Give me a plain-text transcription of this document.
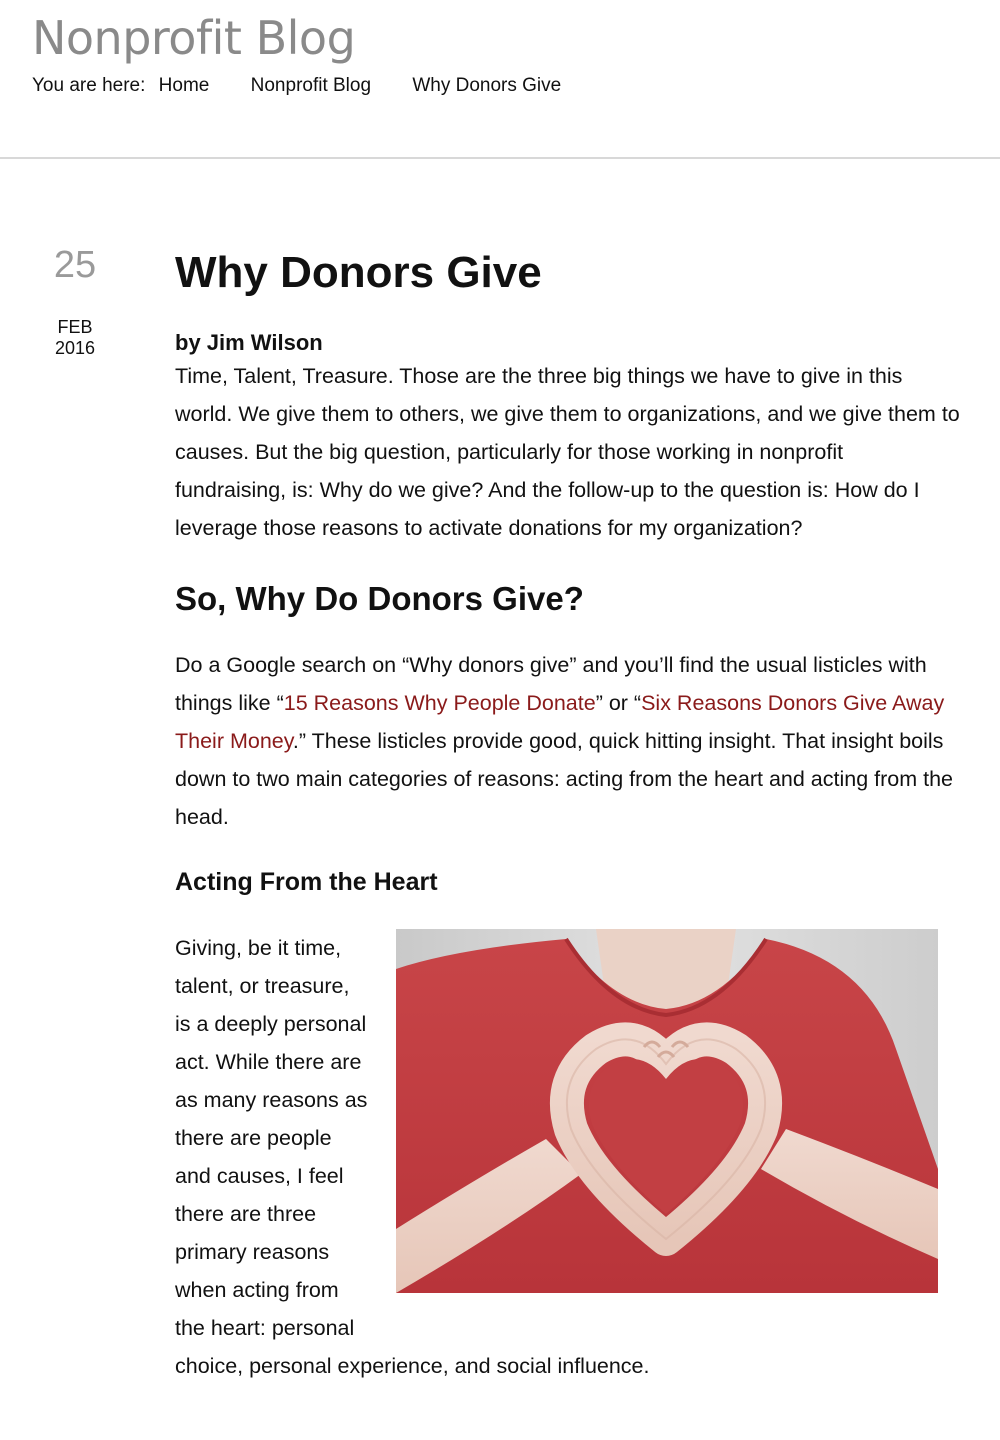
Nonprofit Blog
You are here: Home Nonprofit Blog Why Donors Give
25
FEB
2016
Why Donors Give
by Jim Wilson

Time, Talent, Treasure. Those are the three big things we have to give in this world. We give them to others, we give them to organizations, and we give them to causes. But the big question, particularly for those working in nonprofit fundraising, is: Why do we give? And the follow-up to the question is: How do I leverage those reasons to activate donations for my organization?

So, Why Do Donors Give?

Do a Google search on “Why donors give” and you’ll find the usual listicles with things like “15 Reasons Why People Donate” or “Six Reasons Donors Give Away Their Money.” These listicles provide good, quick hitting insight. That insight boils down to two main categories of reasons: acting from the heart and acting from the head.

Acting From the Heart

Giving, be it time,

talent, or treasure,

is a deeply personal

act. While there are

as many reasons as

there are people

and causes, I feel

there are three

primary reasons

when acting from

the heart: personal

choice, personal experience, and social influence.
